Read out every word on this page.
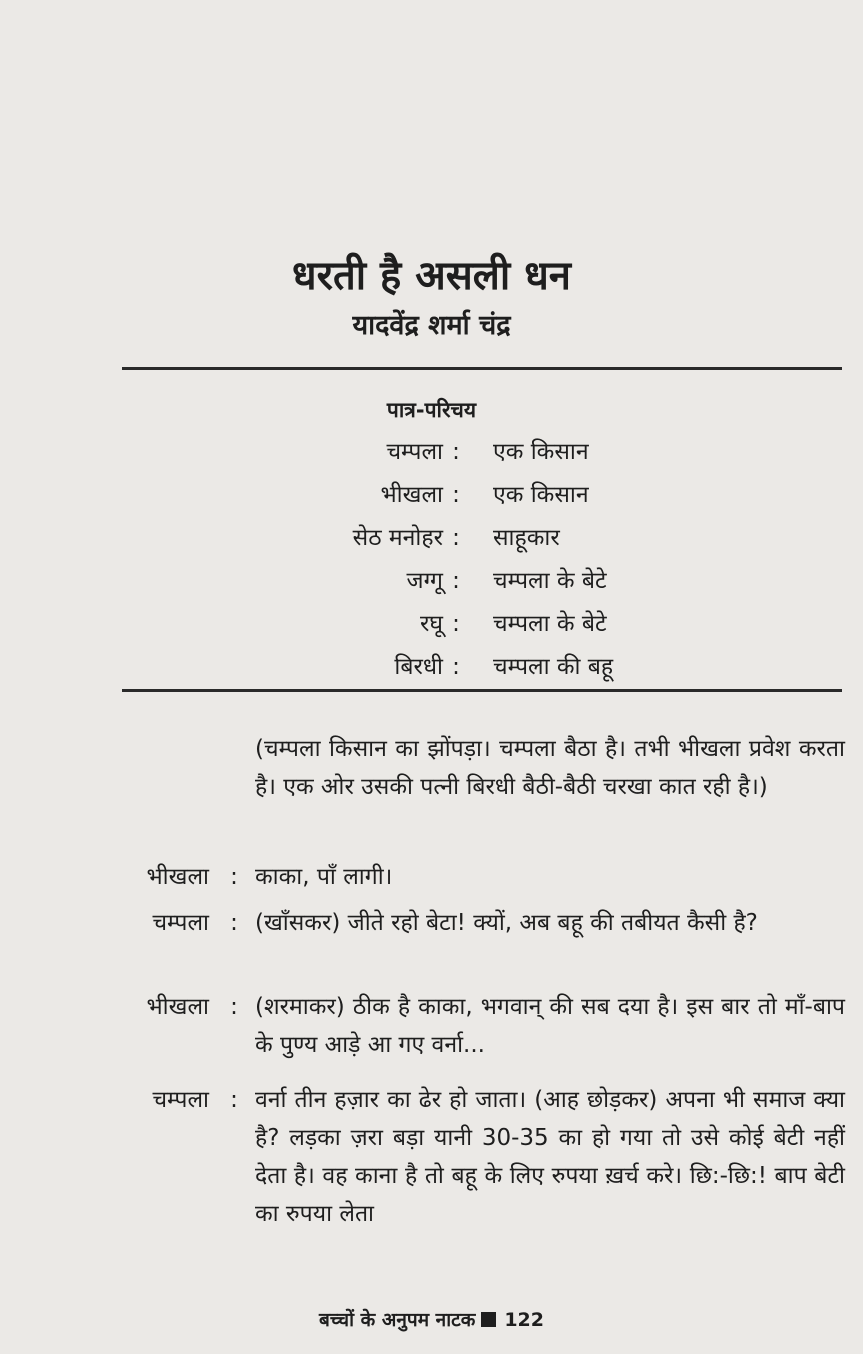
धरती है असली धन
यादवेंद्र शर्मा चंद्र
पात्र-परिचय
चम्पला : एक किसान
भीखला : एक किसान
सेठ मनोहर : साहूकार
जग्गू : चम्पला के बेटे
रघू : चम्पला के बेटे
बिरधी : चम्पला की बहू
(चम्पला किसान का झोंपड़ा। चम्पला बैठा है। तभी भीखला प्रवेश करता है। एक ओर उसकी पत्नी बिरधी बैठी-बैठी चरखा कात रही है।)
भीखला : काका, पाँ लागी।
चम्पला : (खाँसकर) जीते रहो बेटा! क्यों, अब बहू की तबीयत कैसी है?
भीखला : (शरमाकर) ठीक है काका, भगवान् की सब दया है। इस बार तो माँ-बाप के पुण्य आड़े आ गए वर्ना...
चम्पला : वर्ना तीन हज़ार का ढेर हो जाता। (आह छोड़कर) अपना भी समाज क्या है? लड़का ज़रा बड़ा यानी 30-35 का हो गया तो उसे कोई बेटी नहीं देता है। वह काना है तो बहू के लिए रुपया ख़र्च करे। छि:-छि:! बाप बेटी का रुपया लेता
बच्चों के अनुपम नाटक 122
